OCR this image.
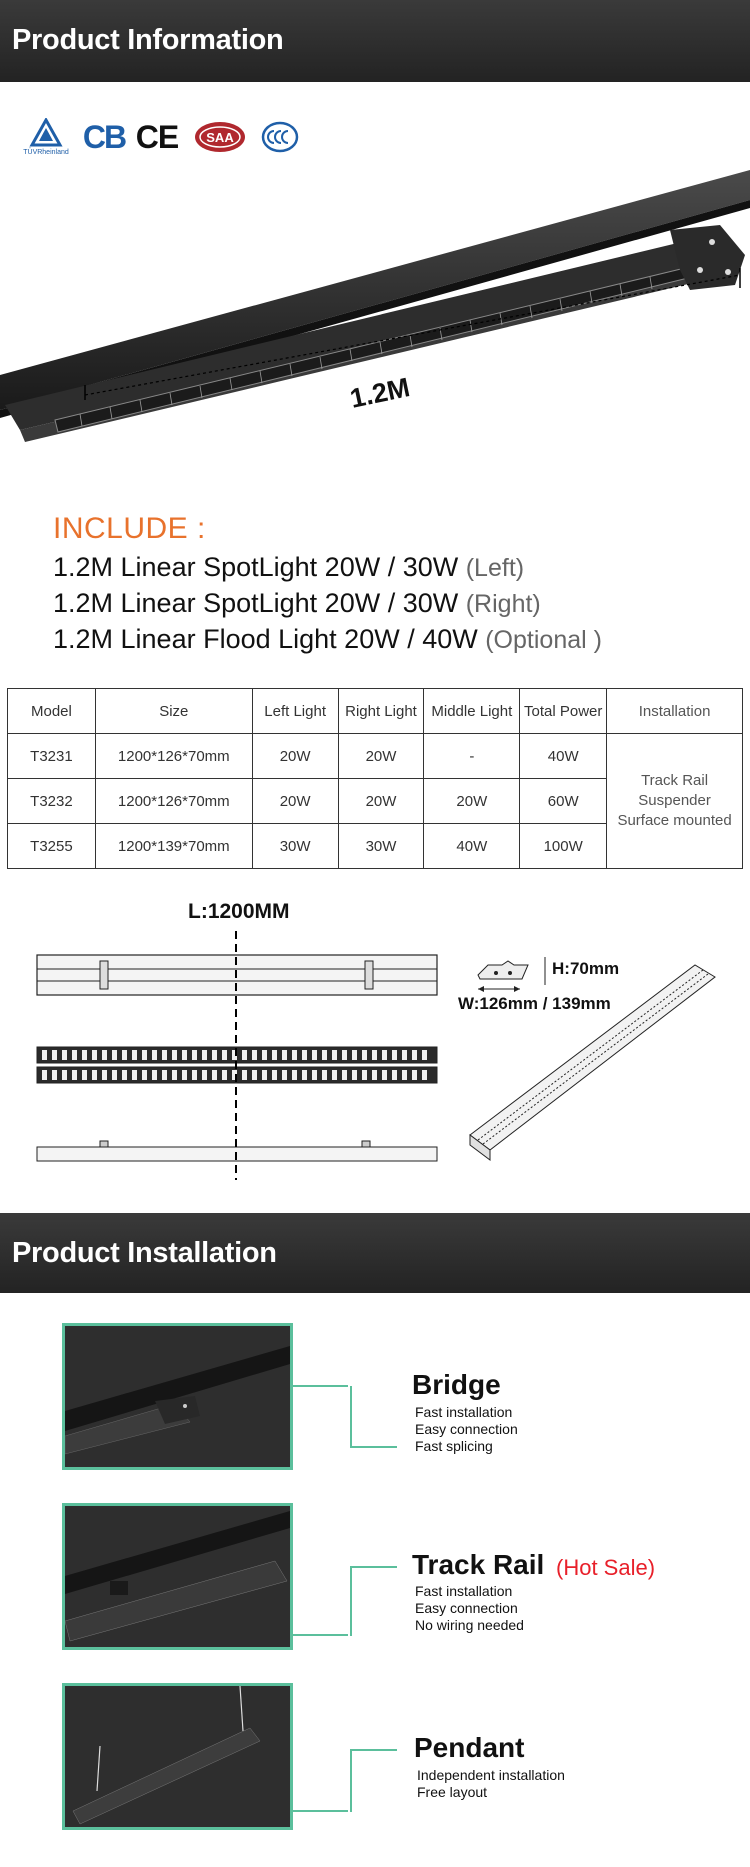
Product Information
TÜVRheinland CB CE SAA
1.2M
INCLUDE :
1.2M Linear SpotLight 20W / 30W (Left)
1.2M Linear SpotLight 20W / 30W (Right)
1.2M Linear Flood Light 20W / 40W (Optional )
Model	Size	Left Light	Right Light	Middle Light	Total Power	Installation
T3231	1200*126*70mm	20W	20W	-	40W	Track Rail
Suspender
Surface mounted

T3232	1200*126*70mm	20W	20W	20W	60W	
T3255	1200*139*70mm	30W	30W	40W	100W	
L:1200MM
H:70mm
W:126mm / 139mm
Product Installation
Bridge
Fast installation
Easy connection
Fast splicing
Track Rail (Hot Sale)
Fast installation
Easy connection
No wiring needed
Pendant
Independent installation
Free layout
